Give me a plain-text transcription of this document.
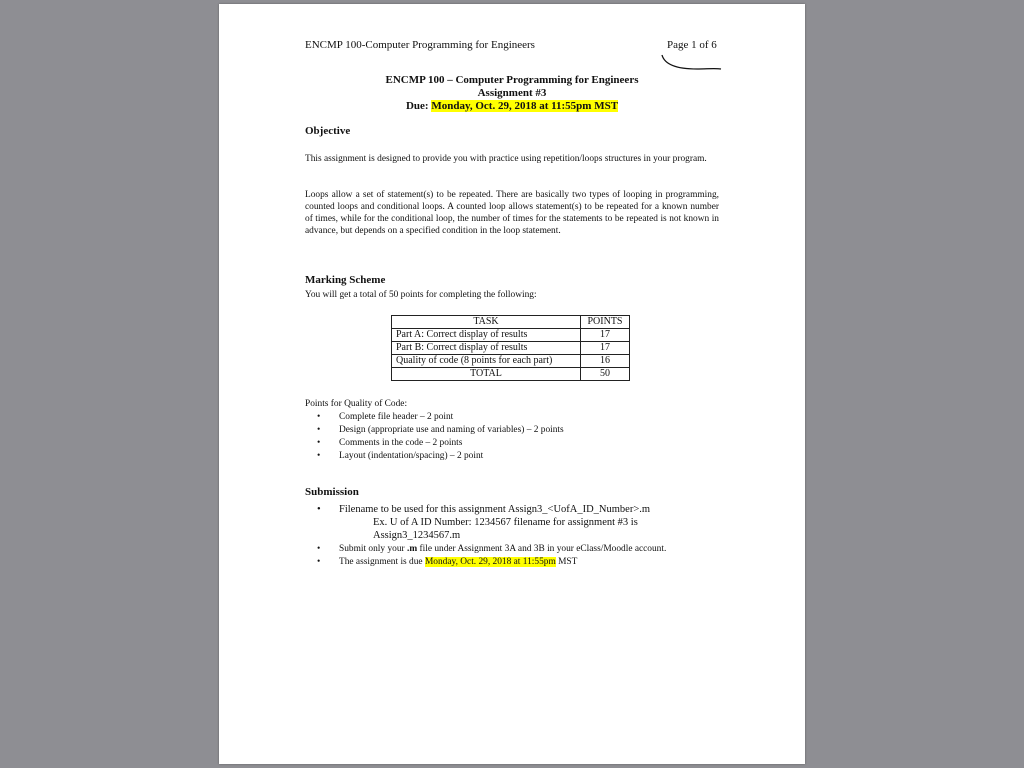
ENCMP 100-Computer Programming for Engineers	Page 1 of 6
ENCMP 100 – Computer Programming for Engineers
Assignment #3
Due: Monday, Oct. 29, 2018 at 11:55pm MST
Objective
This assignment is designed to provide you with practice using repetition/loops structures in your program.
Loops allow a set of statement(s) to be repeated. There are basically two types of looping in programming, counted loops and conditional loops. A counted loop allows statement(s) to be repeated for a known number of times, while for the conditional loop, the number of times for the statements to be repeated is not known in advance, but depends on a specified condition in the loop statement.
Marking Scheme
You will get a total of 50 points for completing the following:
TASK	POINTS
Part A: Correct display of results	17
Part B: Correct display of results	17
Quality of code (8 points for each part)	16
TOTAL	50
Points for Quality of Code:
• Complete file header – 2 point
• Design (appropriate use and naming of variables) – 2 points
• Comments in the code – 2 points
• Layout (indentation/spacing) – 2 point
Submission
• Filename to be used for this assignment Assign3_<UofA_ID_Number>.m
Ex. U of A ID Number: 1234567 filename for assignment #3 is
Assign3_1234567.m
• Submit only your .m file under Assignment 3A and 3B in your eClass/Moodle account.
• The assignment is due Monday, Oct. 29, 2018 at 11:55pm MST
